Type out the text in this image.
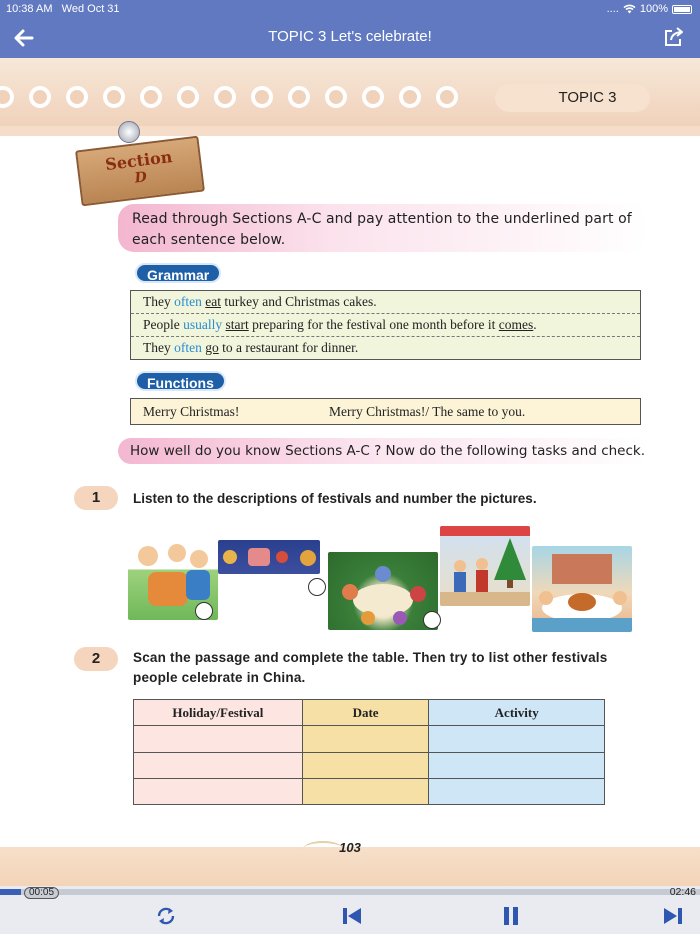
10:38 AM Wed Oct 31	.... 100%
TOPIC 3 Let's celebrate!
TOPIC 3
Section
D
Read through Sections A-C and pay attention to the underlined part of each sentence below.
Grammar
They often eat turkey and Christmas cakes.
People usually start preparing for the festival one month before it comes.
They often go to a restaurant for dinner.
Functions
Merry Christmas!	Merry Christmas!/ The same to you.
How well do you know Sections A-C ? Now do the following tasks and check.
1	Listen to the descriptions of festivals and number the pictures.
2	Scan the passage and complete the table. Then try to list other festivals people celebrate in China.
Holiday/Festival	Date	Activity

103
00:05	02:46
